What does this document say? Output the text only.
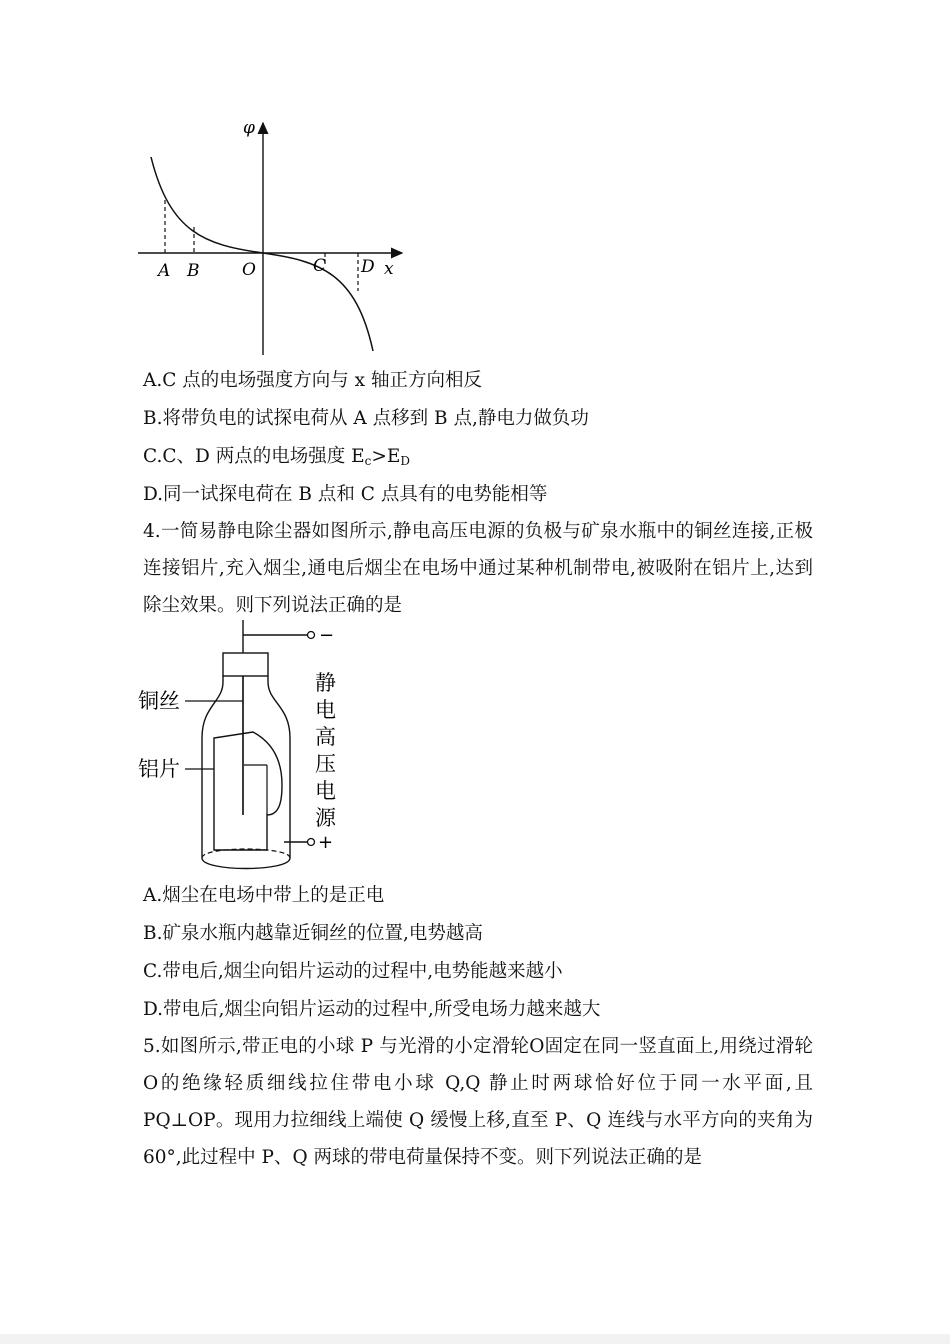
φ
x
A B	O	C D
A.C 点的电场强度方向与 x 轴正方向相反
B.将带负电的试探电荷从 A 点移到 B 点,静电力做负功
C.C、D 两点的电场强度 $E_c>E_D$
D.同一试探电荷在 B 点和 C 点具有的电势能相等
4.一简易静电除尘器如图所示,静电高压电源的负极与矿泉水瓶中的铜丝连接,正极连接铝片,充入烟尘,通电后烟尘在电场中通过某种机制带电,被吸附在铝片上,达到除尘效果。则下列说法正确的是
−
+
铜丝
铝片
静
电
高
压
电
源
A.烟尘在电场中带上的是正电
B.矿泉水瓶内越靠近铜丝的位置,电势越高
C.带电后,烟尘向铝片运动的过程中,电势能越来越小
D.带电后,烟尘向铝片运动的过程中,所受电场力越来越大
5.如图所示,带正电的小球 P 与光滑的小定滑轮O固定在同一竖直面上,用绕过滑轮O的绝缘轻质细线拉住带电小球 Q,Q 静止时两球恰好位于同一水平面,且 PQ⊥OP。现用力拉细线上端使 Q 缓慢上移,直至 P、Q 连线与水平方向的夹角为 60°,此过程中 P、Q 两球的带电荷量保持不变。则下列说法正确的是
